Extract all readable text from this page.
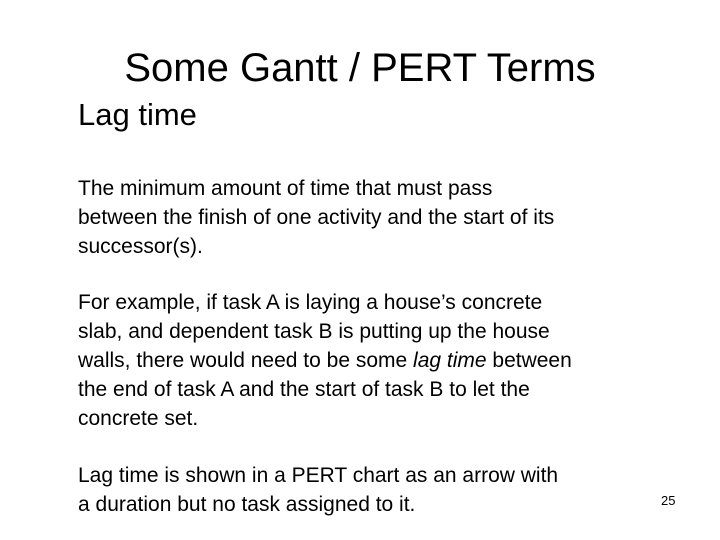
Some Gantt / PERT Terms
Lag time

The minimum amount of time that must pass
between the finish of one activity and the start of its
successor(s).

For example, if task A is laying a house’s concrete
slab, and dependent task B is putting up the house
walls, there would need to be some lag time between
the end of task A and the start of task B to let the
concrete set.

Lag time is shown in a PERT chart as an arrow with
a duration but no task assigned to it.	25
